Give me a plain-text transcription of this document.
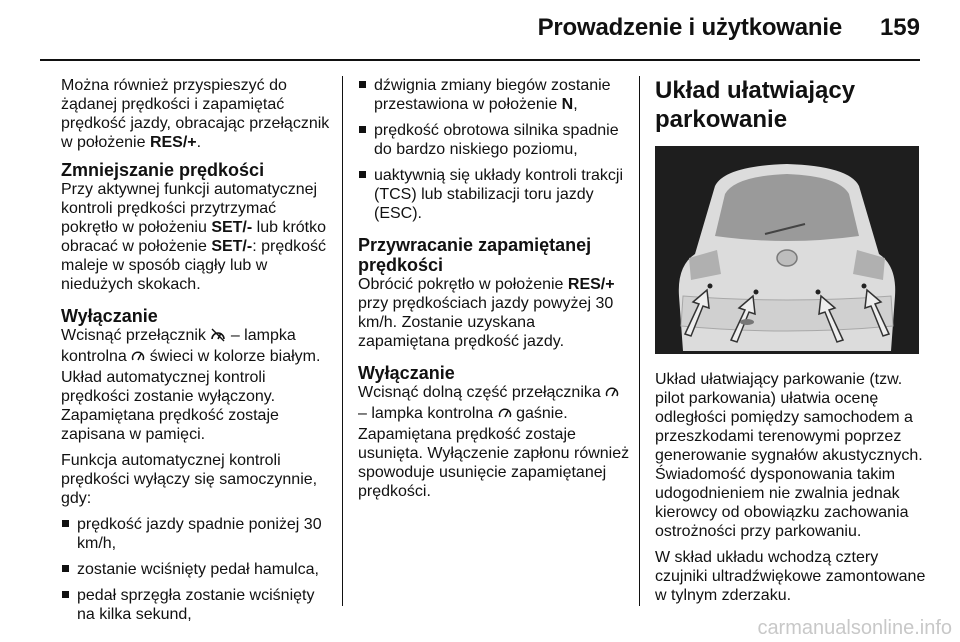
Prowadzenie i użytkowanie 159

Można również przyspieszyć do żądanej prędkości i zapamiętać prędkość jazdy, obracając przełącznik w położenie RES/+.

Zmniejszanie prędkości

Przy aktywnej funkcji automatycznej kontroli prędkości przytrzymać pokrętło w położeniu SET/- lub krótko obracać w położenie SET/-: prędkość maleje w sposób ciągły lub w niedużych skokach.

Wyłączanie

Wcisnąć przełącznik  – lampka kontrolna  świeci w kolorze białym. Układ automatycznej kontroli prędkości zostanie wyłączony. Zapamiętana prędkość zostaje zapisana w pamięci.

Funkcja automatycznej kontroli prędkości wyłączy się samoczynnie, gdy:

prędkość jazdy spadnie poniżej 30 km/h,
zostanie wciśnięty pedał hamulca,
pedał sprzęgła zostanie wciśnięty na kilka sekund,
dźwignia zmiany biegów zostanie przestawiona w położenie N,
prędkość obrotowa silnika spadnie do bardzo niskiego poziomu,
uaktywnią się układy kontroli trakcji (TCS) lub stabilizacji toru jazdy (ESC).
Przywracanie zapamiętanej prędkości

Obrócić pokrętło w położenie RES/+ przy prędkościach jazdy powyżej 30 km/h. Zostanie uzyskana zapamiętana prędkość jazdy.

Wyłączanie

Wcisnąć dolną część przełącznika  – lampka kontrolna  gaśnie. Zapamiętana prędkość zostaje usunięta. Wyłączenie zapłonu również spowoduje usunięcie zapamiętanej prędkości.

Układ ułatwiający parkowanie

Układ ułatwiający parkowanie (tzw. pilot parkowania) ułatwia ocenę odległości pomiędzy samochodem a przeszkodami terenowymi poprzez generowanie sygnałów akustycznych. Świadomość dysponowania takim udogodnieniem nie zwalnia jednak kierowcy od obowiązku zachowania ostrożności przy parkowaniu.

W skład układu wchodzą cztery czujniki ultradźwiękowe zamontowane w tylnym zderzaku.

carmanualsonline.info
